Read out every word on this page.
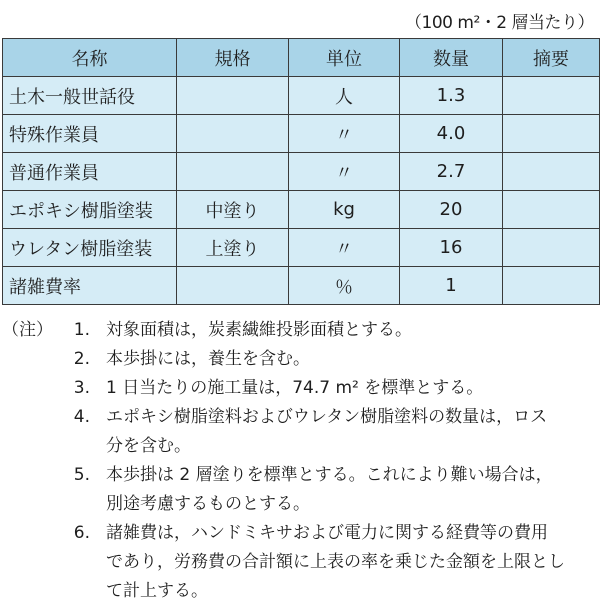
（100 m²・2 層当たり）
名称	規格	単位	数量	摘要
土木一般世話役		人	1.3	
特殊作業員		〃	4.0	
普通作業員		〃	2.7	
エポキシ樹脂塗装	中塗り	kg	20	
ウレタン樹脂塗装	上塗り	〃	16	
諸雑費率		％	1	
（注）	1. 対象面積は，炭素繊維投影面積とする。
2. 本歩掛には，養生を含む。
3. 1 日当たりの施工量は，74.7 m² を標準とする。
4. エポキシ樹脂塗料およびウレタン樹脂塗料の数量は，ロス
分を含む。
5. 本歩掛は 2 層塗りを標準とする。これにより難い場合は，
別途考慮するものとする。
6. 諸雑費は，ハンドミキサおよび電力に関する経費等の費用
であり，労務費の合計額に上表の率を乗じた金額を上限とし
て計上する。
